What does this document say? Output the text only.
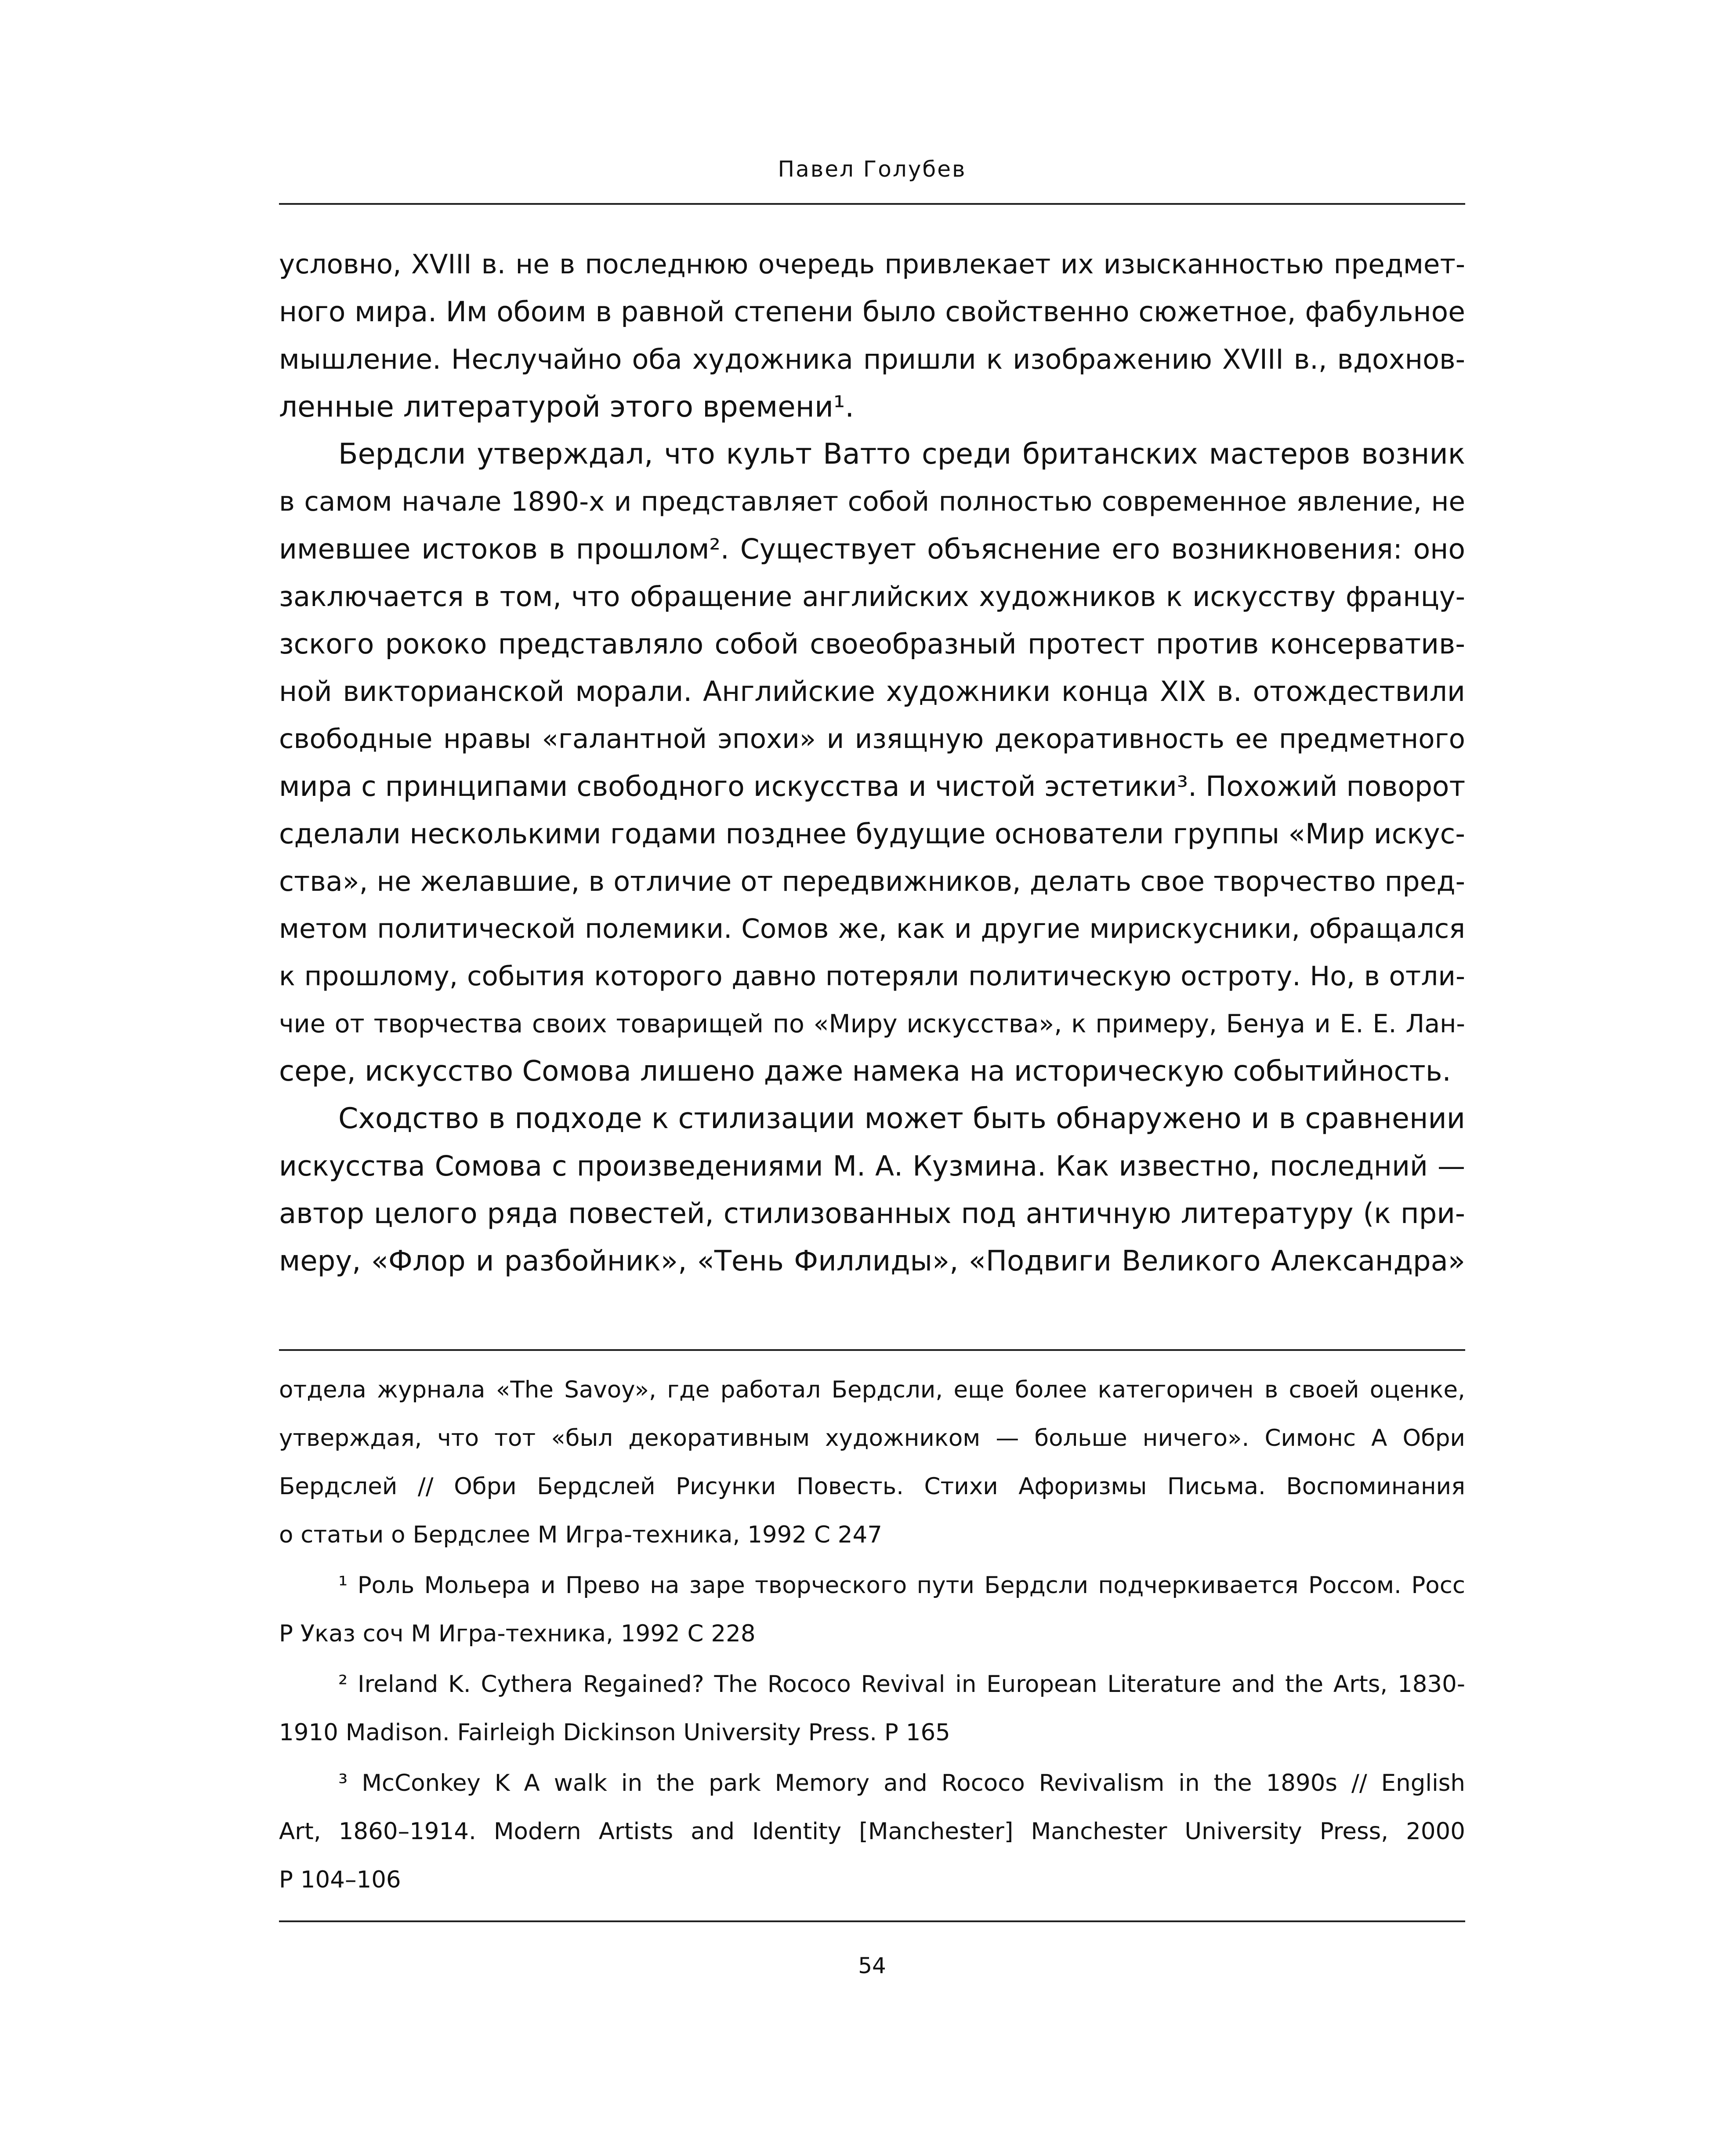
Павел Голубев

условно, XVIII в. не в последнюю очередь привлекает их изысканностью предмет-
ного мира. Им обоим в равной степени было свойственно сюжетное, фабульное
мышление. Неслучайно оба художника пришли к изображению XVIII в., вдохнов-
ленные литературой этого времени¹.

Бердсли утверждал, что культ Ватто среди британских мастеров возник
в самом начале 1890-х и представляет собой полностью современное явление, не
имевшее истоков в прошлом². Существует объяснение его возникновения: оно
заключается в том, что обращение английских художников к искусству францу-
зского рококо представляло собой своеобразный протест против консерватив-
ной викторианской морали. Английские художники конца XIX в. отождествили
свободные нравы «галантной эпохи» и изящную декоративность ее предметного
мира с принципами свободного искусства и чистой эстетики³. Похожий поворот
сделали несколькими годами позднее будущие основатели группы «Мир искус-
ства», не желавшие, в отличие от передвижников, делать свое творчество пред-
метом политической полемики. Сомов же, как и другие мирискусники, обращался
к прошлому, события которого давно потеряли политическую остроту. Но, в отли-
чие от творчества своих товарищей по «Миру искусства», к примеру, Бенуа и Е. Е. Лан-
сере, искусство Сомова лишено даже намека на историческую событийность.

Сходство в подходе к стилизации может быть обнаружено и в сравнении
искусства Сомова с произведениями М. А. Кузмина. Как известно, последний —
автор целого ряда повестей, стилизованных под античную литературу (к при-
меру, «Флор и разбойник», «Тень Филлиды», «Подвиги Великого Александра»

отдела журнала «The Savoy», где работал Бердсли, еще более категоричен в своей оценке,
утверждая, что тот «был декоративным художником — больше ничего». Симонс А Обри
Бердслей // Обри Бердслей Рисунки Повесть. Стихи Афоризмы Письма. Воспоминания
о статьи о Бердслее М Игра-техника, 1992 С 247

¹ Роль Мольера и Прево на заре творческого пути Бердсли подчеркивается Россом. Росс
Р Указ соч М Игра-техника, 1992 С 228

² Ireland K. Cythera Regained? The Rococo Revival in European Literature and the Arts, 1830-
1910 Madison. Fairleigh Dickinson University Press. P 165

³ McConkey K A walk in the park Memory and Rococo Revivalism in the 1890s // English
Art, 1860–1914. Modern Artists and Identity [Manchester] Manchester University Press, 2000
P 104–106

54
